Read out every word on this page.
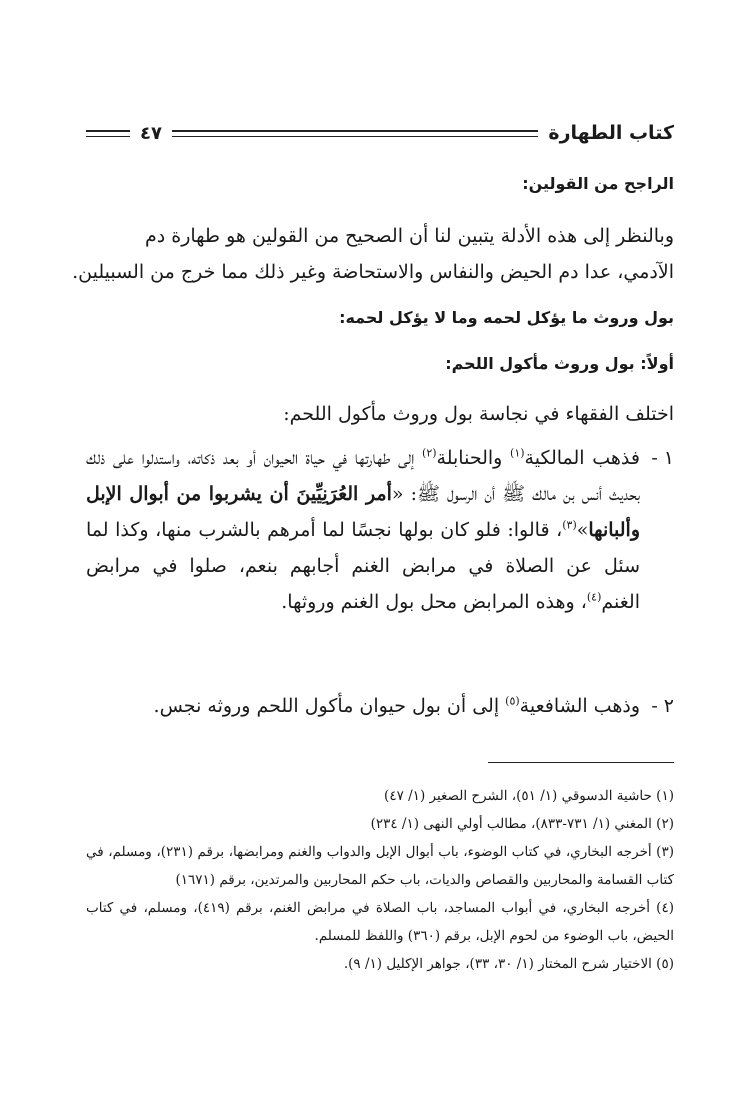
كتاب الطهارة
٤٧
الراجح من القولين:
وبالنظر إلى هذه الأدلة يتبين لنا أن الصحيح من القولين هو طهارة دم
الآدمي، عدا دم الحيض والنفاس والاستحاضة وغير ذلك مما خرج من السبيلين.
بول وروث ما يؤكل لحمه وما لا يؤكل لحمه:
أولاً: بول وروث مأكول اللحم:
اختلف الفقهاء في نجاسة بول وروث مأكول اللحم:
١ -
فذهب المالكية$^{(١)}$ والحنابلة$^{(٢)}$ إلى طهارتها في حياة الحيوان أو بعد ذكاته، واستدلوا على ذلك بحديث أنس بن مالك ﷺ أن الرسول ﷺ: «أمر العُرَنِيِّينَ أن يشربوا من أبوال الإبل وألبانها»$^{(٣)}$، قالوا: فلو كان بولها نجسًا لما أمرهم بالشرب منها، وكذا لما سئل عن الصلاة في مرابض الغنم أجابهم بنعم، صلوا في مرابض الغنم$^{(٤)}$، وهذه المرابض محل بول الغنم وروثها.
٢ -
وذهب الشافعية$^{(٥)}$ إلى أن بول حيوان مأكول اللحم وروثه نجس.
(١) حاشية الدسوقي (١/ ٥١)، الشرح الصغير (١/ ٤٧)
(٢) المغني (١/ ٧٣١-٨٣٣)، مطالب أولي النهى (١/ ٢٣٤)
(٣) أخرجه البخاري، في كتاب الوضوء، باب أبوال الإبل والدواب والغنم ومرابضها، برقم (٢٣١)، ومسلم، في كتاب القسامة والمحاربين والقصاص والديات، باب حكم المحاربين والمرتدين، برقم (١٦٧١)
(٤) أخرجه البخاري، في أبواب المساجد، باب الصلاة في مرابض الغنم، برقم (٤١٩)، ومسلم، في كتاب الحيض، باب الوضوء من لحوم الإبل، برقم (٣٦٠) واللفظ للمسلم.
(٥) الاختيار شرح المختار (١/ ٣٠، ٣٣)، جواهر الإكليل (١/ ٩).
